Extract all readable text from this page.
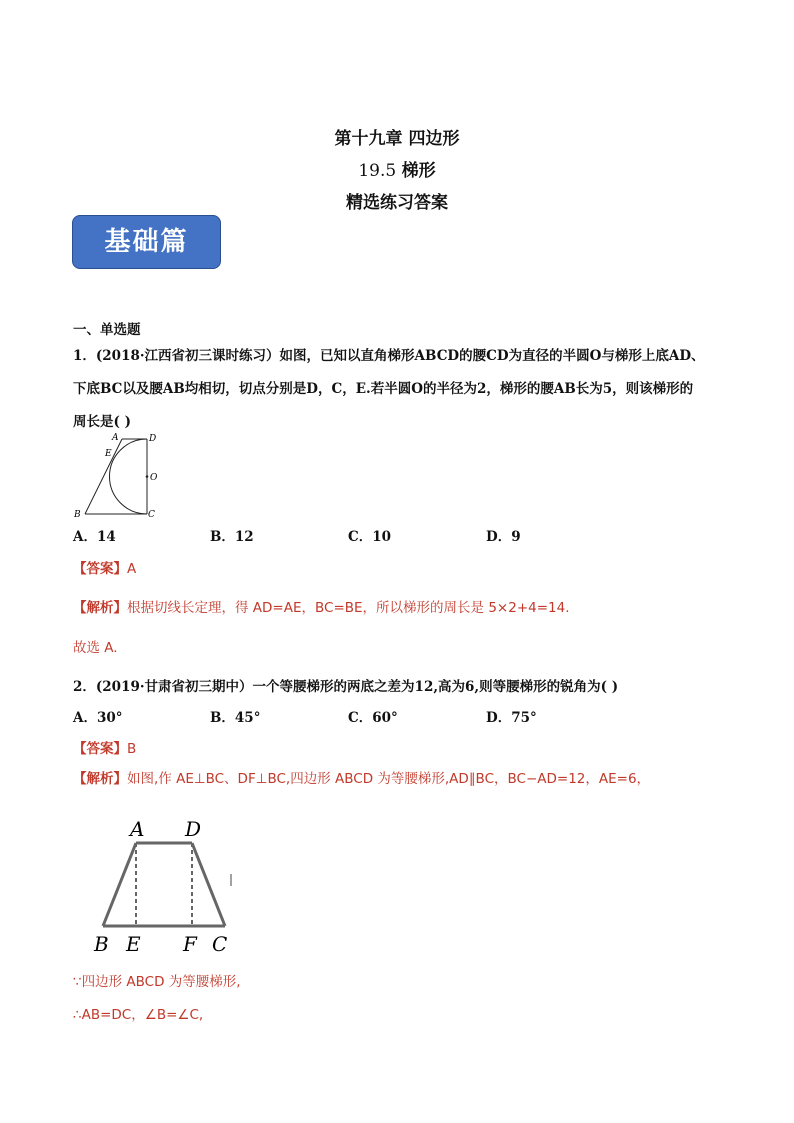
第十九章 四边形
19.5 梯形
精选练习答案
基础篇
一、单选题
1．(2018·江西省初三课时练习）如图，已知以直角梯形ABCD的腰CD为直径的半圆O与梯形上底AD、
下底BC以及腰AB均相切，切点分别是D，C，E.若半圆O的半径为2，梯形的腰AB长为5，则该梯形的
周长是( )
A	D
E
O
B	C
A．14	B．12	C．10	D．9
【答案】A
【解析】根据切线长定理，得 AD=AE，BC=BE，所以梯形的周长是 5×2+4=14.
故选 A.
2．(2019·甘肃省初三期中）一个等腰梯形的两底之差为12,高为6,则等腰梯形的锐角为( )
A．30°	B．45°	C．60°	D．75°
【答案】B
【解析】如图,作 AE⊥BC、DF⊥BC,四边形 ABCD 为等腰梯形,AD∥BC，BC−AD=12，AE=6，
A D
B E F C
∵四边形 ABCD 为等腰梯形,
∴AB=DC，∠B=∠C,
